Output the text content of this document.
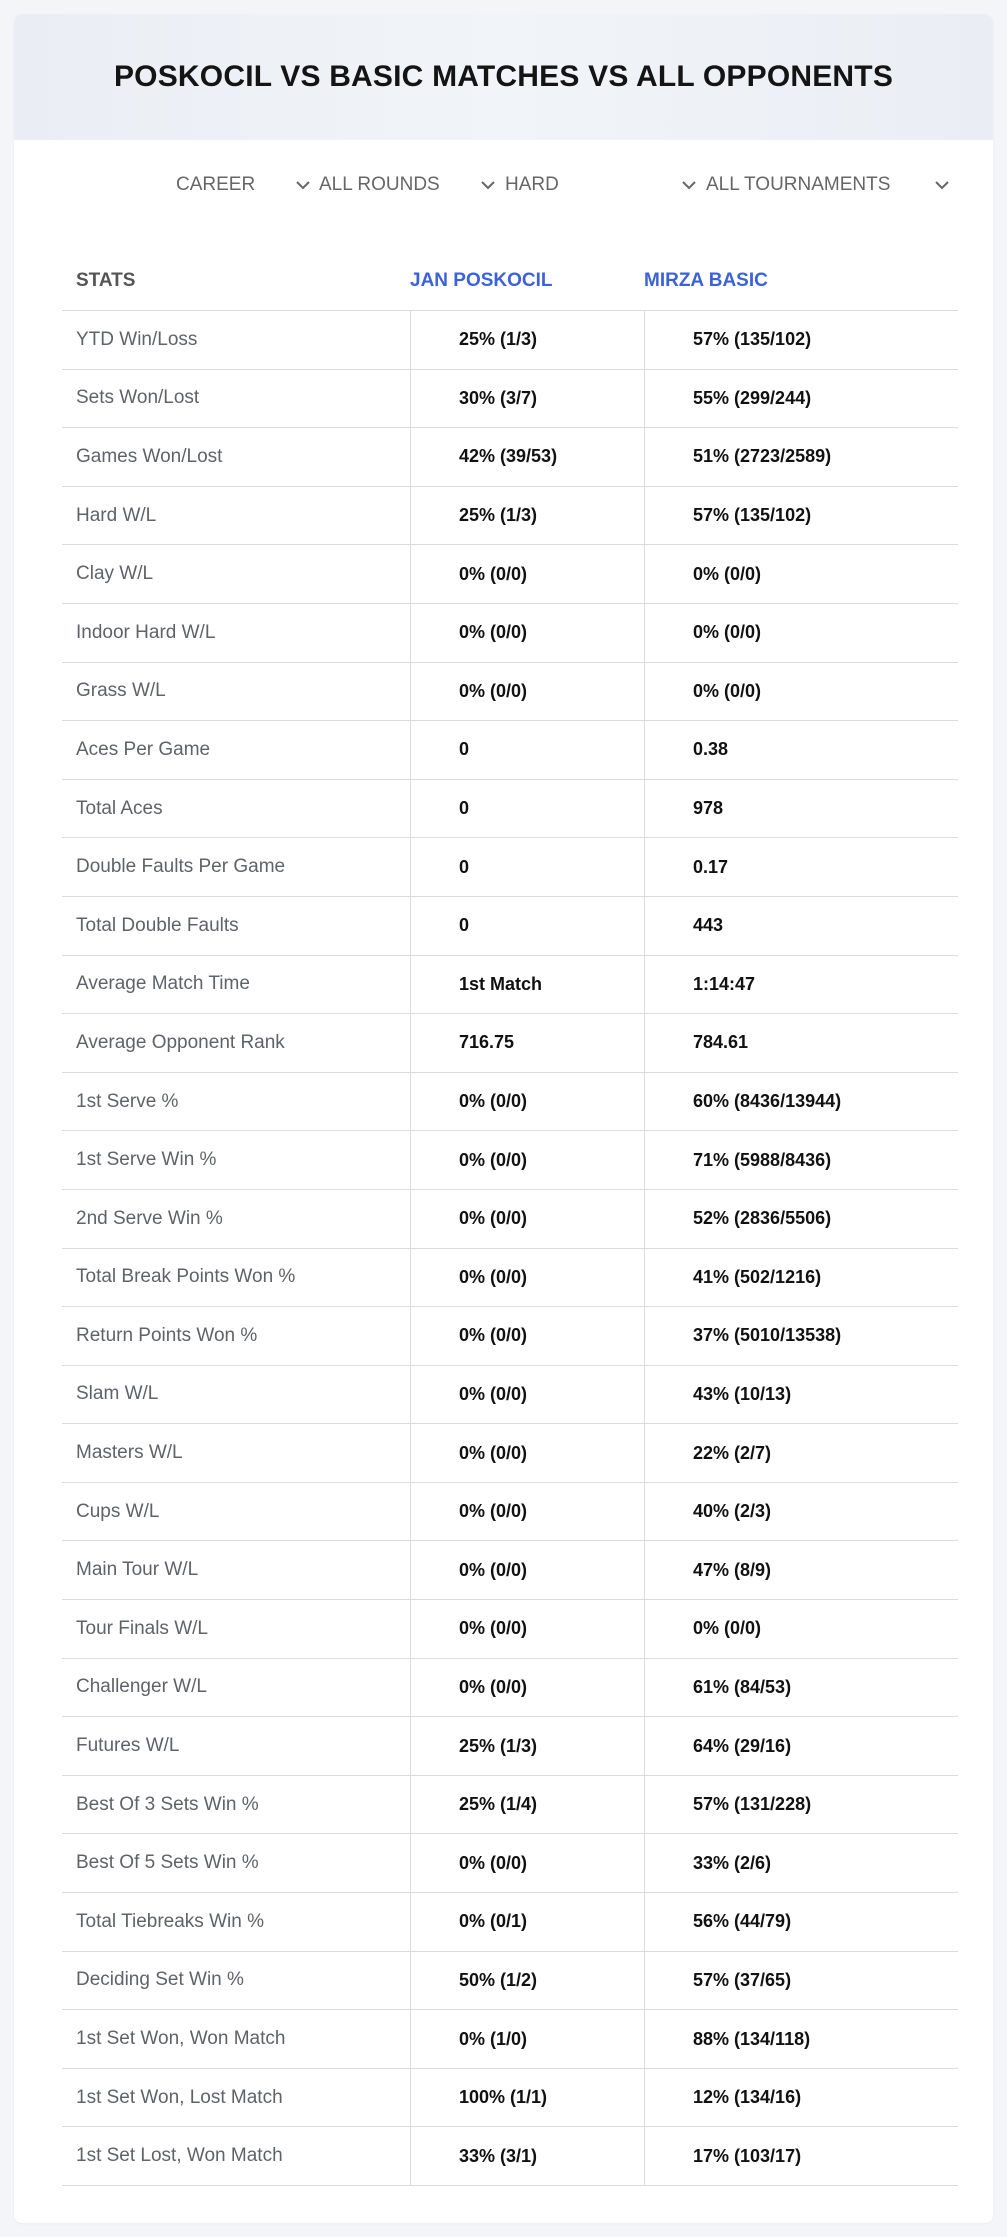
POSKOCIL VS BASIC MATCHES VS ALL OPPONENTS
CAREER	ALL ROUNDS	HARD	ALL TOURNAMENTS
STATS	JAN POSKOCIL	MIRZA BASIC
YTD Win/Loss	25% (1/3)	57% (135/102)
Sets Won/Lost	30% (3/7)	55% (299/244)
Games Won/Lost	42% (39/53)	51% (2723/2589)
Hard W/L	25% (1/3)	57% (135/102)
Clay W/L	0% (0/0)	0% (0/0)
Indoor Hard W/L	0% (0/0)	0% (0/0)
Grass W/L	0% (0/0)	0% (0/0)
Aces Per Game	0	0.38
Total Aces	0	978
Double Faults Per Game	0	0.17
Total Double Faults	0	443
Average Match Time	1st Match	1:14:47
Average Opponent Rank	716.75	784.61
1st Serve %	0% (0/0)	60% (8436/13944)
1st Serve Win %	0% (0/0)	71% (5988/8436)
2nd Serve Win %	0% (0/0)	52% (2836/5506)
Total Break Points Won %	0% (0/0)	41% (502/1216)
Return Points Won %	0% (0/0)	37% (5010/13538)
Slam W/L	0% (0/0)	43% (10/13)
Masters W/L	0% (0/0)	22% (2/7)
Cups W/L	0% (0/0)	40% (2/3)
Main Tour W/L	0% (0/0)	47% (8/9)
Tour Finals W/L	0% (0/0)	0% (0/0)
Challenger W/L	0% (0/0)	61% (84/53)
Futures W/L	25% (1/3)	64% (29/16)
Best Of 3 Sets Win %	25% (1/4)	57% (131/228)
Best Of 5 Sets Win %	0% (0/0)	33% (2/6)
Total Tiebreaks Win %	0% (0/1)	56% (44/79)
Deciding Set Win %	50% (1/2)	57% (37/65)
1st Set Won, Won Match	0% (1/0)	88% (134/118)
1st Set Won, Lost Match	100% (1/1)	12% (134/16)
1st Set Lost, Won Match	33% (3/1)	17% (103/17)
